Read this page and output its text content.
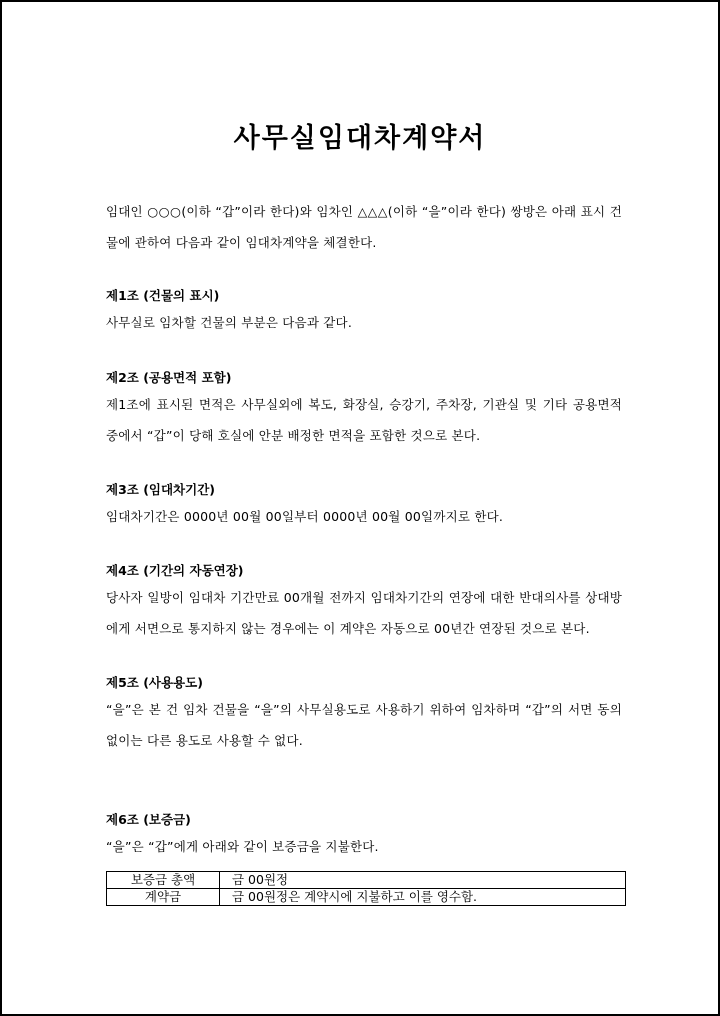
사무실임대차계약서
임대인 ○○○(이하 “갑”이라 한다)와 임차인 △△△(이하 “을”이라 한다) 쌍방은 아래 표시 건물에 관하여 다음과 같이 임대차계약을 체결한다.
제1조 (건물의 표시)
사무실로 임차할 건물의 부분은 다음과 같다.
제2조 (공용면적 포함)
제1조에 표시된 면적은 사무실외에 복도, 화장실, 승강기, 주차장, 기관실 및 기타 공용면적 중에서 “갑”이 당해 호실에 안분 배정한 면적을 포함한 것으로 본다.
제3조 (임대차기간)
임대차기간은 0000년 00월 00일부터 0000년 00월 00일까지로 한다.
제4조 (기간의 자동연장)
당사자 일방이 임대차 기간만료 00개월 전까지 임대차기간의 연장에 대한 반대의사를 상대방에게 서면으로 통지하지 않는 경우에는 이 계약은 자동으로 00년간 연장된 것으로 본다.
제5조 (사용용도)
“을”은 본 건 임차 건물을 “을”의 사무실용도로 사용하기 위하여 임차하며 “갑”의 서면 동의 없이는 다른 용도로 사용할 수 없다.
제6조 (보증금)
“을”은 “갑”에게 아래와 같이 보증금을 지불한다.
보증금 총액	금 00원정
계약금	금 00원정은 계약시에 지불하고 이를 영수함.
